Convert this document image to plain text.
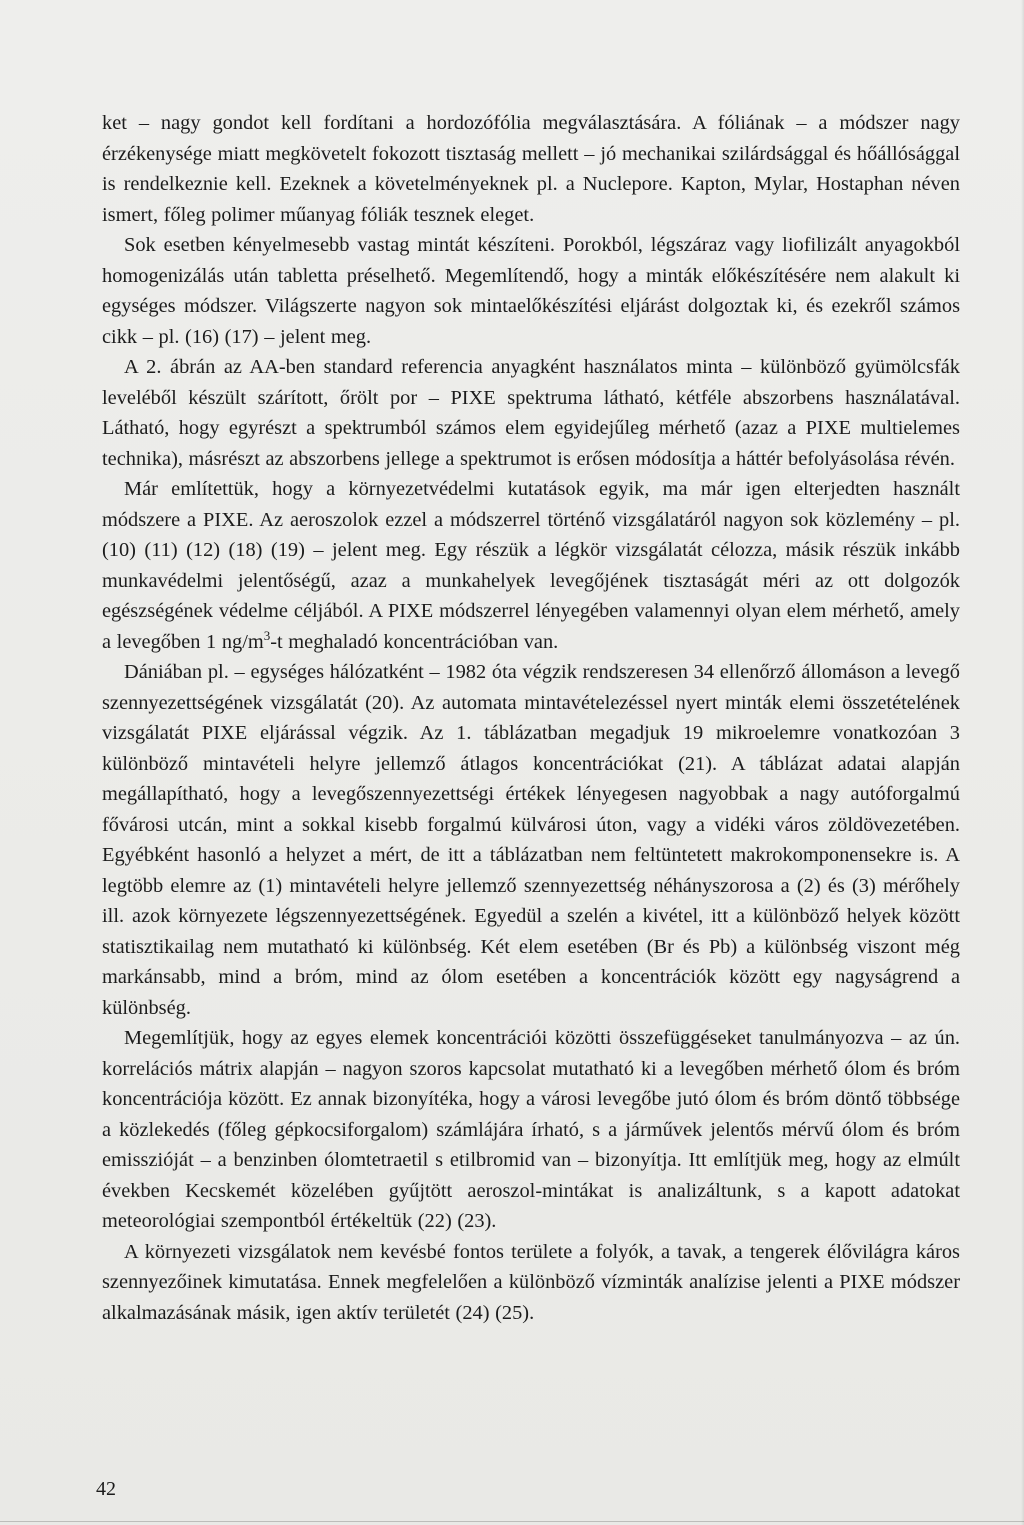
ket – nagy gondot kell fordítani a hordozófólia megválasztására. A fóliának – a módszer nagy érzékenysége miatt megkövetelt fokozott tisztaság mellett – jó mechanikai szilárdsággal és hőállósággal is rendelkeznie kell. Ezeknek a követelményeknek pl. a Nuclepore. Kapton, Mylar, Hostaphan néven ismert, főleg polimer műanyag fóliák tesznek eleget.

Sok esetben kényelmesebb vastag mintát készíteni. Porokból, légszáraz vagy liofilizált anyagokból homogenizálás után tabletta préselhető. Megemlítendő, hogy a minták előkészítésére nem alakult ki egységes módszer. Világszerte nagyon sok mintaelőkészítési eljárást dolgoztak ki, és ezekről számos cikk – pl. (16) (17) – jelent meg.

A 2. ábrán az AA-ben standard referencia anyagként használatos minta – különböző gyümölcsfák leveléből készült szárított, őrölt por – PIXE spektruma látható, kétféle abszorbens használatával. Látható, hogy egyrészt a spektrumból számos elem egyidejűleg mérhető (azaz a PIXE multielemes technika), másrészt az abszorbens jellege a spektrumot is erősen módosítja a háttér befolyásolása révén.

Már említettük, hogy a környezetvédelmi kutatások egyik, ma már igen elterjedten használt módszere a PIXE. Az aeroszolok ezzel a módszerrel történő vizsgálatáról nagyon sok közlemény – pl. (10) (11) (12) (18) (19) – jelent meg. Egy részük a légkör vizsgálatát célozza, másik részük inkább munkavédelmi jelentőségű, azaz a munkahelyek levegőjének tisztaságát méri az ott dolgozók egészségének védelme céljából. A PIXE módszerrel lényegében valamennyi olyan elem mérhető, amely a levegőben 1 $ng/m^3-t$ meghaladó koncentrációban van.

Dániában pl. – egységes hálózatként – 1982 óta végzik rendszeresen 34 ellenőrző állomáson a levegő szennyezettségének vizsgálatát (20). Az automata mintavételezéssel nyert minták elemi összetételének vizsgálatát PIXE eljárással végzik. Az 1. táblázatban megadjuk 19 mikroelemre vonatkozóan 3 különböző mintavételi helyre jellemző átlagos koncentrációkat (21). A táblázat adatai alapján megállapítható, hogy a levegőszennyezettségi értékek lényegesen nagyobbak a nagy autóforgalmú fővárosi utcán, mint a sokkal kisebb forgalmú külvárosi úton, vagy a vidéki város zöldövezetében. Egyébként hasonló a helyzet a mért, de itt a táblázatban nem feltüntetett makrokomponensekre is. A legtöbb elemre az (1) mintavételi helyre jellemző szennyezettség néhányszorosa a (2) és (3) mérőhely ill. azok környezete légszennyezettségének. Egyedül a szelén a kivétel, itt a különböző helyek között statisztikailag nem mutatható ki különbség. Két elem esetében (Br és Pb) a különbség viszont még markánsabb, mind a bróm, mind az ólom esetében a koncentrációk között egy nagyságrend a különbség.

Megemlítjük, hogy az egyes elemek koncentrációi közötti összefüggéseket tanulmányozva – az ún. korrelációs mátrix alapján – nagyon szoros kapcsolat mutatható ki a levegőben mérhető ólom és bróm koncentrációja között. Ez annak bizonyítéka, hogy a városi levegőbe jutó ólom és bróm döntő többsége a közlekedés (főleg gépkocsiforgalom) számlájára írható, s a járművek jelentős mérvű ólom és bróm emisszióját – a benzinben ólomtetraetil s etilbromid van – bizonyítja. Itt említjük meg, hogy az elmúlt években Kecskemét közelében gyűjtött aeroszol-mintákat is analizáltunk, s a kapott adatokat meteorológiai szempontból értékeltük (22) (23).

A környezeti vizsgálatok nem kevésbé fontos területe a folyók, a tavak, a tengerek élővilágra káros szennyezőinek kimutatása. Ennek megfelelően a különböző vízminták analízise jelenti a PIXE módszer alkalmazásának másik, igen aktív területét (24) (25).

42
